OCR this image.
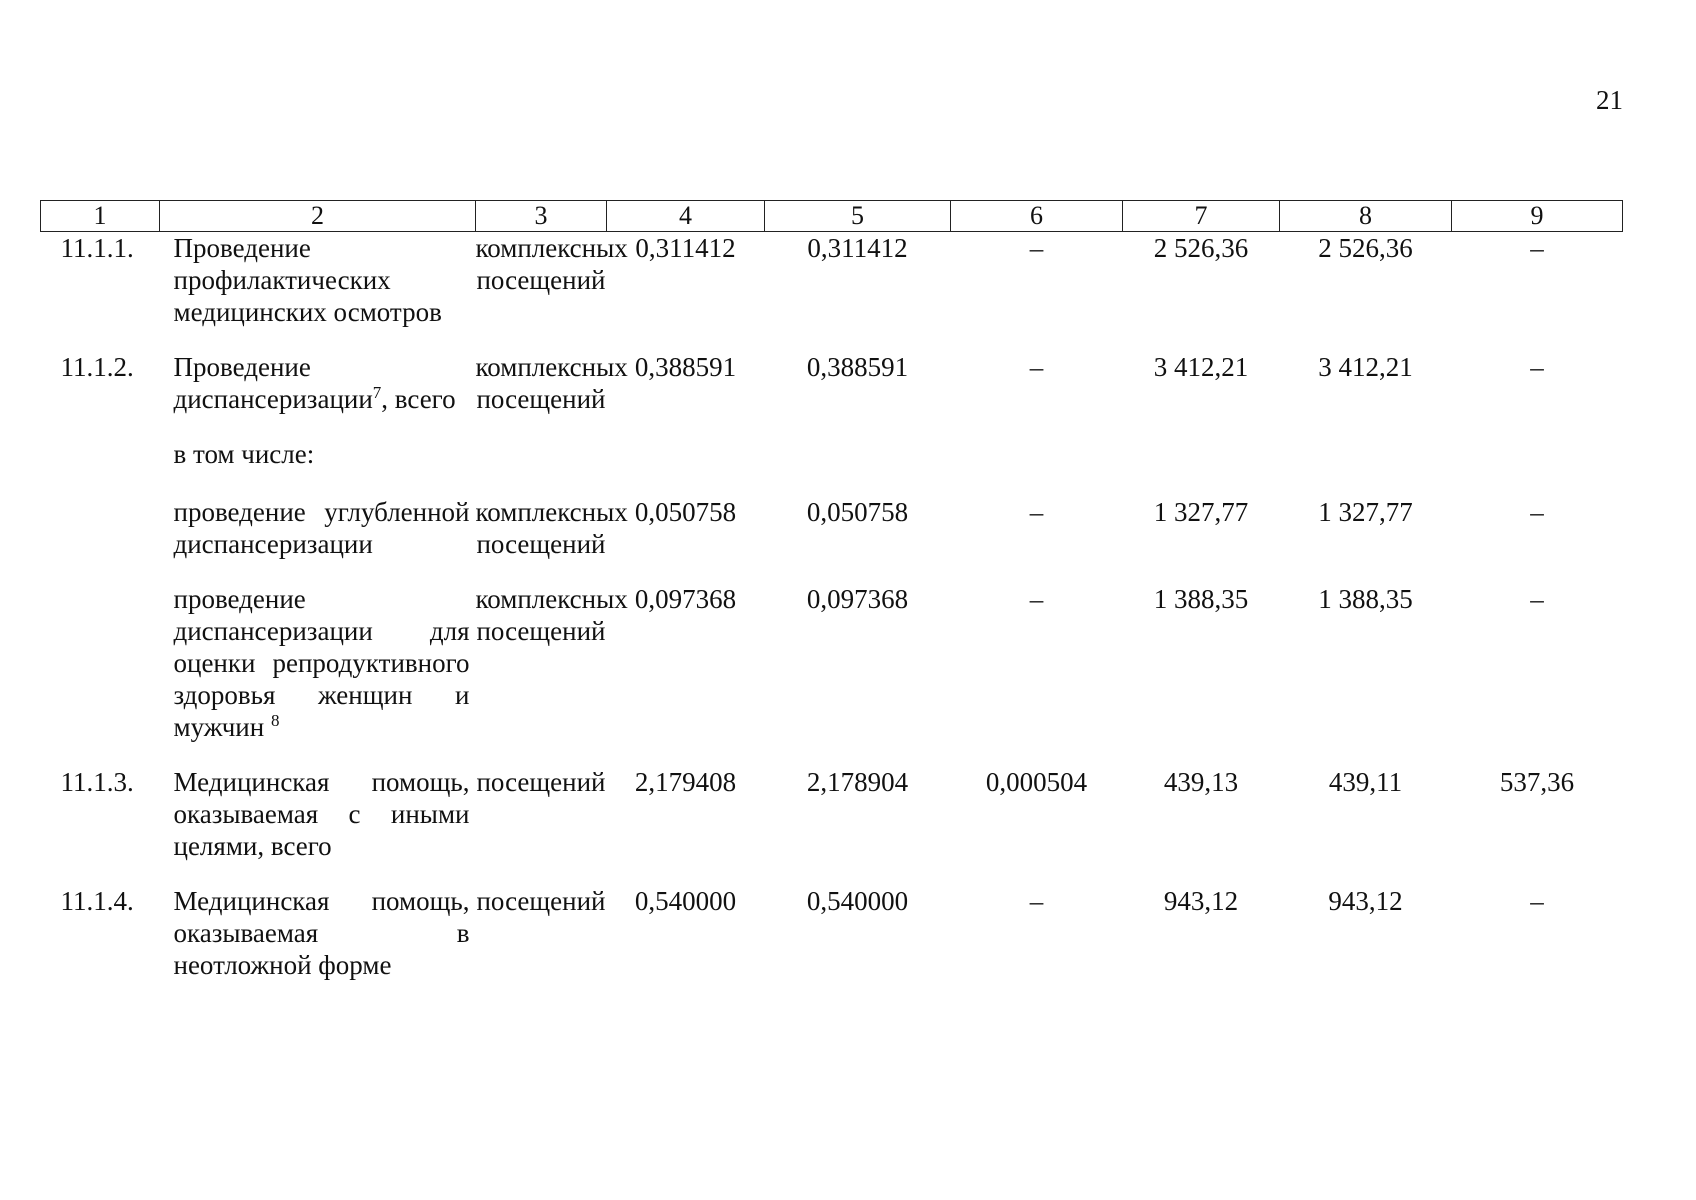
21
1	2	3	4	5	6	7	8	9
11.1.1.	Проведение профилактических медицинских осмотров	комплексных посещений	0,311412	0,311412	–	2 526,36	2 526,36	–
11.1.2.	Проведение диспансеризации$^7$, всего	комплексных посещений	0,388591	0,388591	–	3 412,21	3 412,21	–
	в том числе:							
	проведение углубленной диспансеризации	комплексных посещений	0,050758	0,050758	–	1 327,77	1 327,77	–
	проведение диспансеризации для оценки репродуктивного здоровья женщин и мужчин $^8$	комплексных посещений	0,097368	0,097368	–	1 388,35	1 388,35	–
11.1.3.	Медицинская помощь, оказываемая с иными целями, всего	посещений	2,179408	2,178904	0,000504	439,13	439,11	537,36
11.1.4.	Медицинская помощь, оказываемая в неотложной форме	посещений	0,540000	0,540000	–	943,12	943,12	–
